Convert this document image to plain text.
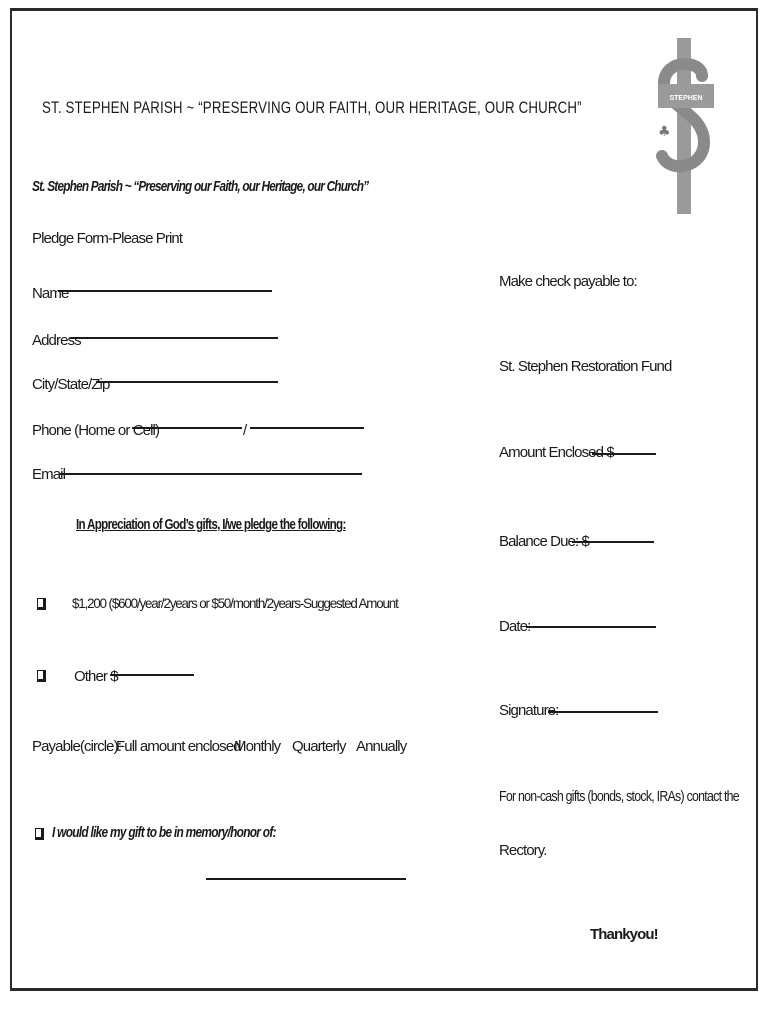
ST. STEPHEN PARISH ~ “PRESERVING OUR FAITH, OUR HERITAGE, OUR CHURCH”	STEPHEN
♣
St. Stephen Parish ~ “Preserving our Faith, our Heritage, our Church”
Pledge Form-Please Print
Name
Address
City/State/Zip
Phone (Home or Cell)	/
Email
In Appreciation of God’s gifts, I/we pledge the following:
$1,200 ($600/year/2years or $50/month/2years-Suggested Amount
Other $
Payable(circle):
Full amount enclosed
Monthly Quarterly Annually
I would like my gift to be in memory/honor of:
Make check payable to:
St. Stephen Restoration Fund
Amount Enclosed $
Balance Due: $
Date:
Signature:
For non-cash gifts (bonds, stock, IRAs) contact the
Rectory.
Thankyou!
